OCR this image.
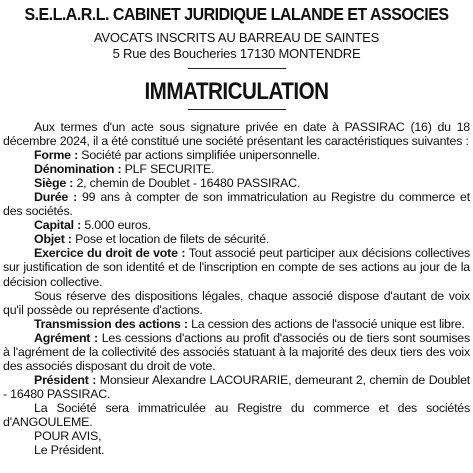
S.E.L.A.R.L. CABINET JURIDIQUE LALANDE ET ASSOCIES
AVOCATS INSCRITS AU BARREAU DE SAINTES
5 Rue des Boucheries 17130 MONTENDRE
IMMATRICULATION

Aux termes d'un acte sous signature privée en date à PASSIRAC (16) du 18 décembre 2024, il a été constitué une société présentant les caractéristiques suivantes :

Forme : Société par actions simplifiée unipersonnelle.

Dénomination : PLF SECURITE.

Siège : 2, chemin de Doublet - 16480 PASSIRAC.

Durée : 99 ans à compter de son immatriculation au Registre du commerce et des sociétés.

Capital : 5.000 euros.

Objet : Pose et location de filets de sécurité.

Exercice du droit de vote : Tout associé peut participer aux décisions collectives sur justification de son identité et de l'inscription en compte de ses actions au jour de la décision collective.

Sous réserve des dispositions légales, chaque associé dispose d'autant de voix qu'il possède ou représente d'actions.

Transmission des actions : La cession des actions de l'associé unique est libre.

Agrément : Les cessions d'actions au profit d'associés ou de tiers sont soumises à l'agrément de la collectivité des associés statuant à la majorité des deux tiers des voix des associés disposant du droit de vote.

Président : Monsieur Alexandre LACOURARIE, demeurant 2, chemin de Doublet - 16480 PASSIRAC.

La Société sera immatriculée au Registre du commerce et des sociétés d'ANGOULEME.

POUR AVIS,

Le Président.
